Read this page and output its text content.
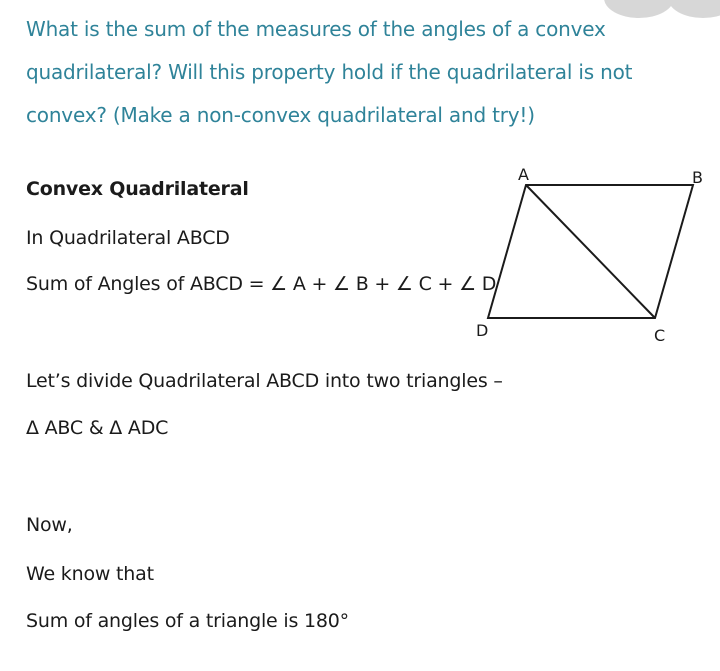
What is the sum of the measures of the angles of a convex
quadrilateral? Will this property hold if the quadrilateral is not
convex? (Make a non-convex quadrilateral and try!)
Convex Quadrilateral
In Quadrilateral ABCD
Sum of Angles of ABCD = ∠ A + ∠ B + ∠ C + ∠ D
Let’s divide Quadrilateral ABCD into two triangles –
Δ ABC & Δ ADC
Now,
We know that
Sum of angles of a triangle is 180°
A	B
C
D
